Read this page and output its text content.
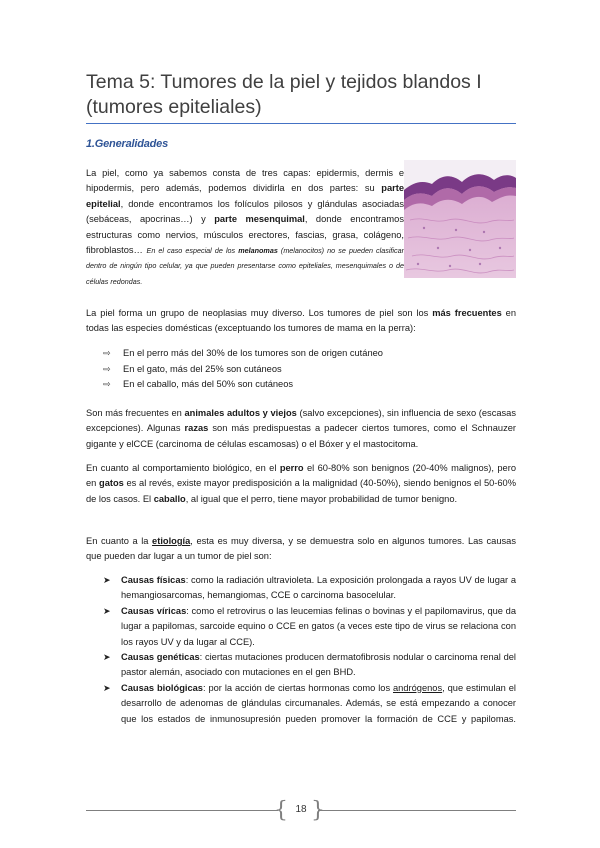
Tema 5: Tumores de la piel y tejidos blandos I
(tumores epiteliales)
1.Generalidades

La piel, como ya sabemos consta de tres capas: epidermis, dermis e hipodermis, pero además, podemos dividirla en dos partes: su parte epitelial, donde encontramos los folículos pilosos y glándulas asociadas (sebáceas, apocrinas…) y parte mesenquimal, donde encontramos estructuras como nervios, músculos erectores, fascias, grasa, colágeno, fibroblastos… En el caso especial de los melanomas (melanocitos) no se pueden clasificar dentro de ningún tipo celular, ya que pueden presentarse como epiteliales, mesenquimales o de células redondas.

La piel forma un grupo de neoplasias muy diverso. Los tumores de piel son los más frecuentes en todas las especies domésticas (exceptuando los tumores de mama en la perra):

⇨ En el perro más del 30% de los tumores son de origen cutáneo
⇨ En el gato, más del 25% son cutáneos
⇨ En el caballo, más del 50% son cutáneos

Son más frecuentes en animales adultos y viejos (salvo excepciones), sin influencia de sexo (escasas excepciones). Algunas razas son más predispuestas a padecer ciertos tumores, como el Schnauzer gigante y elCCE (carcinoma de células escamosas) o el Bóxer y el mastocitoma.

En cuanto al comportamiento biológico, en el perro el 60-80% son benignos (20-40% malignos), pero en gatos es al revés, existe mayor predisposición a la malignidad (40-50%), siendo benignos el 50-60% de los casos. El caballo, al igual que el perro, tiene mayor probabilidad de tumor benigno.

En cuanto a la etiología, esta es muy diversa, y se demuestra solo en algunos tumores. Las causas que pueden dar lugar a un tumor de piel son:

➤ Causas físicas: como la radiación ultravioleta. La exposición prolongada a rayos UV de lugar a hemangiosarcomas, hemangiomas, CCE o carcinoma basocelular.
➤ Causas víricas: como el retrovirus o las leucemias felinas o bovinas y el papilomavirus, que da lugar a papilomas, sarcoide equino o CCE en gatos (a veces este tipo de virus se relaciona con los rayos UV y da lugar al CCE).
➤ Causas genéticas: ciertas mutaciones producen dermatofibrosis nodular o carcinoma renal del pastor alemán, asociado con mutaciones en el gen BHD.
➤ Causas biológicas: por la acción de ciertas hormonas como los andrógenos, que estimulan el desarrollo de adenomas de glándulas circumanales. Además, se está empezando a conocer que los estados de inmunosupresión pueden promover la formación de CCE y papilomas.
{ 18 }
